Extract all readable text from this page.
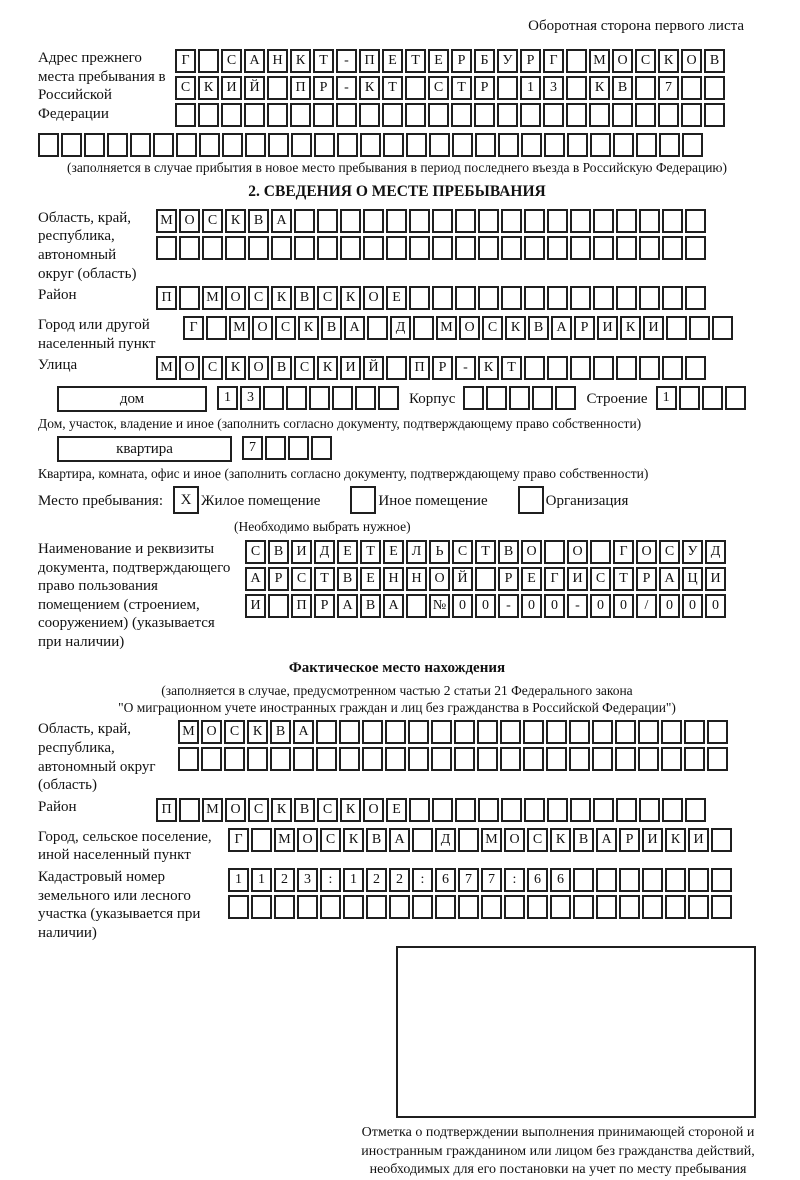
Оборотная сторона первого листа
Адрес прежнего места пребывания в Российской Федерации
Г	С А Н К	Т	-	П Е	Т	Е	Р	Б	У	Р	Г	М О С К О В
С К И Й	П	Р	-	К	Т	С	Т	Р	1	3	К В	7
(заполняется в случае прибытия в новое место пребывания в период последнего въезда в Российскую Федерацию)
2. СВЕДЕНИЯ О МЕСТЕ ПРЕБЫВАНИЯ
Область, край, республика, автономный округ (область)
М О С К В А
Район	П	М О С К В С К О Е
Город или другой населенный пункт
Г	М О С К В А	Д	М О С К В А	Р	И К И
Улица	М О С К О В С К И Й	П	Р	-	К	Т
дом	1	3	Корпус	Строение	1
Дом, участок, владение и иное (заполнить согласно документу, подтверждающему право собственности)
квартира	7
Квартира, комната, офис и иное (заполнить согласно документу, подтверждающему право собственности)
Место пребывания:	X Жилое помещение	Иное помещение	Организация
(Необходимо выбрать нужное)
Наименование и реквизиты документа, подтверждающего право пользования помещением (строением, сооружением) (указывается при наличии)
С В И Д Е	Т	Е Л	Ь	С	Т	В О	О	Г О С У Д
А	Р	С	Т	В	Е Н Н О Й	Р	Е	Г И С	Т	Р	А Ц И
И	П	Р	А В А	№ 0	0	-	0	0	-	0	0	/	0	0	0
Фактическое место нахождения
(заполняется в случае, предусмотренном частью 2 статьи 21 Федерального закона
"О миграционном учете иностранных граждан и лиц без гражданства в Российской Федерации")
Область, край, республика, автономный округ (область)
М О С К В А
Район	П	М О С К В С К О Е
Город, сельское поселение, иной населенный пункт
Г	М О С К В А	Д	М О С К В А	Р	И К И
Кадастровый номер земельного или лесного участка (указывается при наличии)
1	1	2	3	:	1	2	2	:	6	7	7	:	6	6
Отметка о подтверждении выполнения принимающей стороной и иностранным гражданином или лицом без гражданства действий, необходимых для его постановки на учет по месту пребывания
